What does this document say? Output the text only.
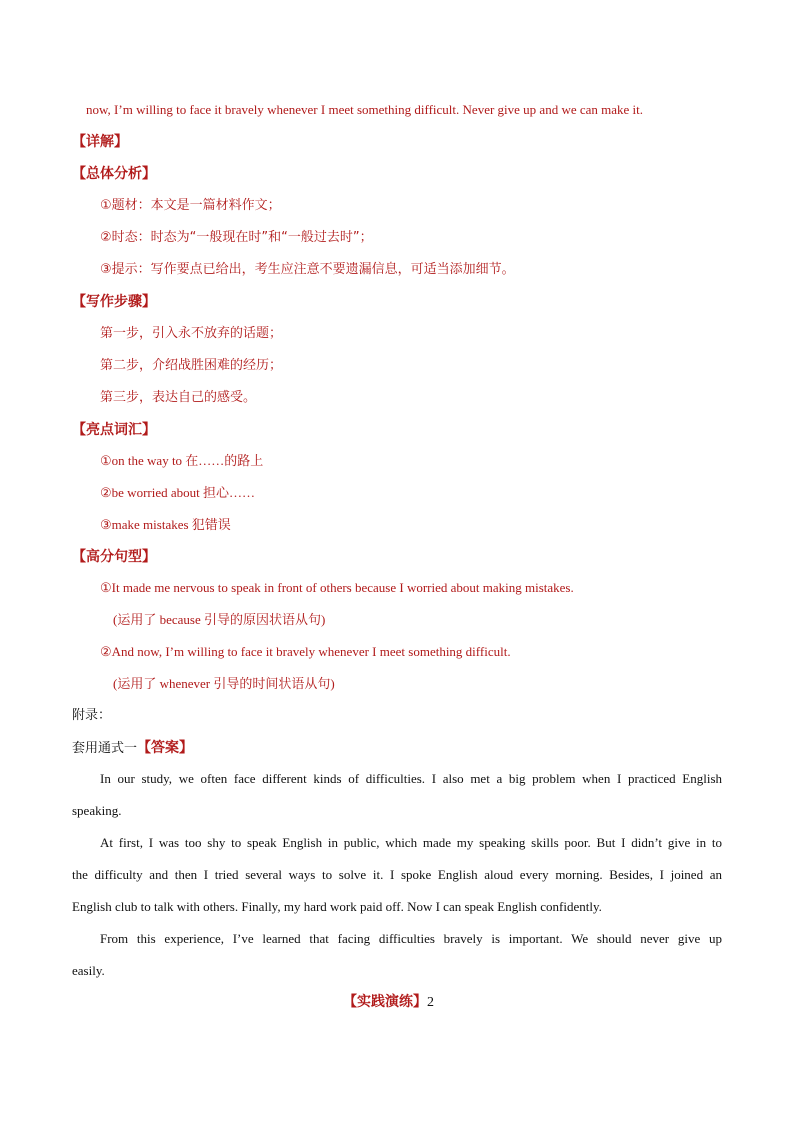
now, I’m willing to face it bravely whenever I meet something difficult. Never give up and we can make it.
【详解】
【总体分析】
①题材：本文是一篇材料作文；
②时态：时态为“一般现在时”和“一般过去时”；
③提示：写作要点已给出，考生应注意不要遗漏信息，可适当添加细节。
【写作步骤】
第一步，引入永不放弃的话题；
第二步，介绍战胜困难的经历；
第三步，表达自己的感受。
【亮点词汇】
①on the way to 在……的路上
②be worried about 担心……
③make mistakes 犯错误
【高分句型】
①It made me nervous to speak in front of others because I worried about making mistakes.
(运用了 because 引导的原因状语从句)
②And now, I’m willing to face it bravely whenever I meet something difficult.
(运用了 whenever 引导的时间状语从句)
附录：
套用通式一【答案】
In our study, we often face different kinds of difficulties. I also met a big problem when I practiced English
speaking.
At first, I was too shy to speak English in public, which made my speaking skills poor. But I didn’t give in to
the difficulty and then I tried several ways to solve it. I spoke English aloud every morning. Besides, I joined an
English club to talk with others. Finally, my hard work paid off. Now I can speak English confidently.
From this experience, I’ve learned that facing difficulties bravely is important. We should never give up
easily.
【实践演练】2
